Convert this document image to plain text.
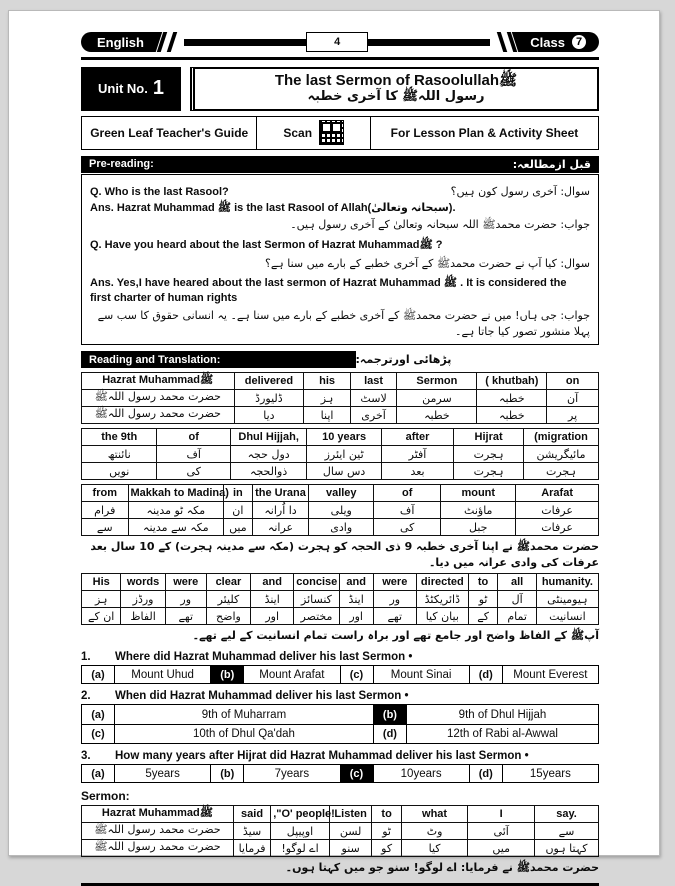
English	4	Class 7
Unit No. 1	The last Sermon of Rasoolullahﷺ
رسول اللہﷺ کا آخری خطبہ
Green Leaf Teacher's Guide	Scan	For Lesson Plan & Activity Sheet
Pre-reading:	قبل ازمطالعہ:
Q. Who is the last Rasool?	سوال: آخری رسول کون ہیں؟
Ans. Hazrat Muhammad ﷺ is the last Rasool of Allah(سبحانہ وتعالیٰ).
جواب: حضرت محمدﷺ اللہ سبحانہ وتعالیٰ کے آخری رسول ہیں۔
Q. Have you heard about the last Sermon of Hazrat Muhammadﷺ ?
سوال: کیا آپ نے حضرت محمدﷺ کے آخری خطبے کے بارے میں سنا ہے؟
Ans. Yes,I have heared about the last sermon of Hazrat Muhammad ﷺ . It is considered the first charter of human rights
جواب: جی ہاں! میں نے حضرت محمدﷺ کے آخری خطبے کے بارے میں سنا ہے۔ یہ انسانی حقوق کا سب سے پہلا منشور تصور کیا جاتا ہے۔
Reading and Translation:	پڑھائی اورترجمہ:
Hazrat Muhammadﷺ	delivered	his	last	Sermon	( khutbah)	on
حضرت محمد رسول اللہﷺ	ڈلیورڈ	ہز	لاسٹ	سرمن	خطبہ	آن
حضرت محمد رسول اللہﷺ	دیا	اپنا	آخری	خطبہ	خطبہ	پر
the 9th	of	Dhul Hijjah,	10 years	after	Hijrat	(migration
نائنتھ	آف	دول حجہ	ٹین ایئرز	آفٹر	ہجرت	مائیگریشن
نویں	کی	ذوالحجہ	دس سال	بعد	ہجرت	ہجرت
from	Makkah to Madina)	in	the Urana	valley	of	mount	Arafat
فرام	مکہ ٹو مدینہ	ان	دا اُرانہ	ویلی	آف	ماؤنٹ	عرفات
سے	مکہ سے مدینہ	میں	عرانہ	وادی	کی	جبل	عرفات
حضرت محمدﷺ نے اپنا آخری خطبہ 9 ذی الحجہ کو ہجرت (مکہ سے مدینہ ہجرت) کے 10 سال بعد عرفات کی وادی عرانہ میں دیا۔
His	words	were	clear	and	concise	and	were	directed	to	all	humanity.
ہز	ورڈز	ور	کلیئر	اینڈ	کنسائز	اینڈ	ور	ڈائریکٹڈ	ٹو	آل	ہیومینٹی
ان کے	الفاظ	تھے	واضح	اور	مختصر	اور	تھے	بیان کیا	کے	تمام	انسانیت
آپﷺ کے الفاظ واضح اور جامع تھے اور براہ راست تمام انسانیت کے لیے تھے۔
1.	Where did Hazrat Muhammad deliver his last Sermon •
(a)	Mount Uhud	(b)	Mount Arafat	(c)	Mount Sinai	(d)	Mount Everest
2.	When did Hazrat Muhammad deliver his last Sermon •
(a)	9th of Muharram	(b)	9th of Dhul Hijjah
(c)	10th of Dhul Qa'dah	(d)	12th of Rabi al-Awwal
3.	How many years after Hijrat did Hazrat Muhammad deliver his last Sermon •
(a)	5years	(b)	7years	(c)	10years	(d)	15years
Sermon:
Hazrat Muhammadﷺ	said	,"O' people!	Listen	to	what	I	say.
حضرت محمد رسول اللہﷺ	سیڈ	اوپیپل	لسن	ٹو	وٹ	آئی	سے
حضرت محمد رسول اللہﷺ	فرمایا	اے لوگو!	سنو	کو	کیا	میں	کہتا ہوں
حضرت محمدﷺ نے فرمایا: اے لوگو! سنو جو میں کہتا ہوں۔
